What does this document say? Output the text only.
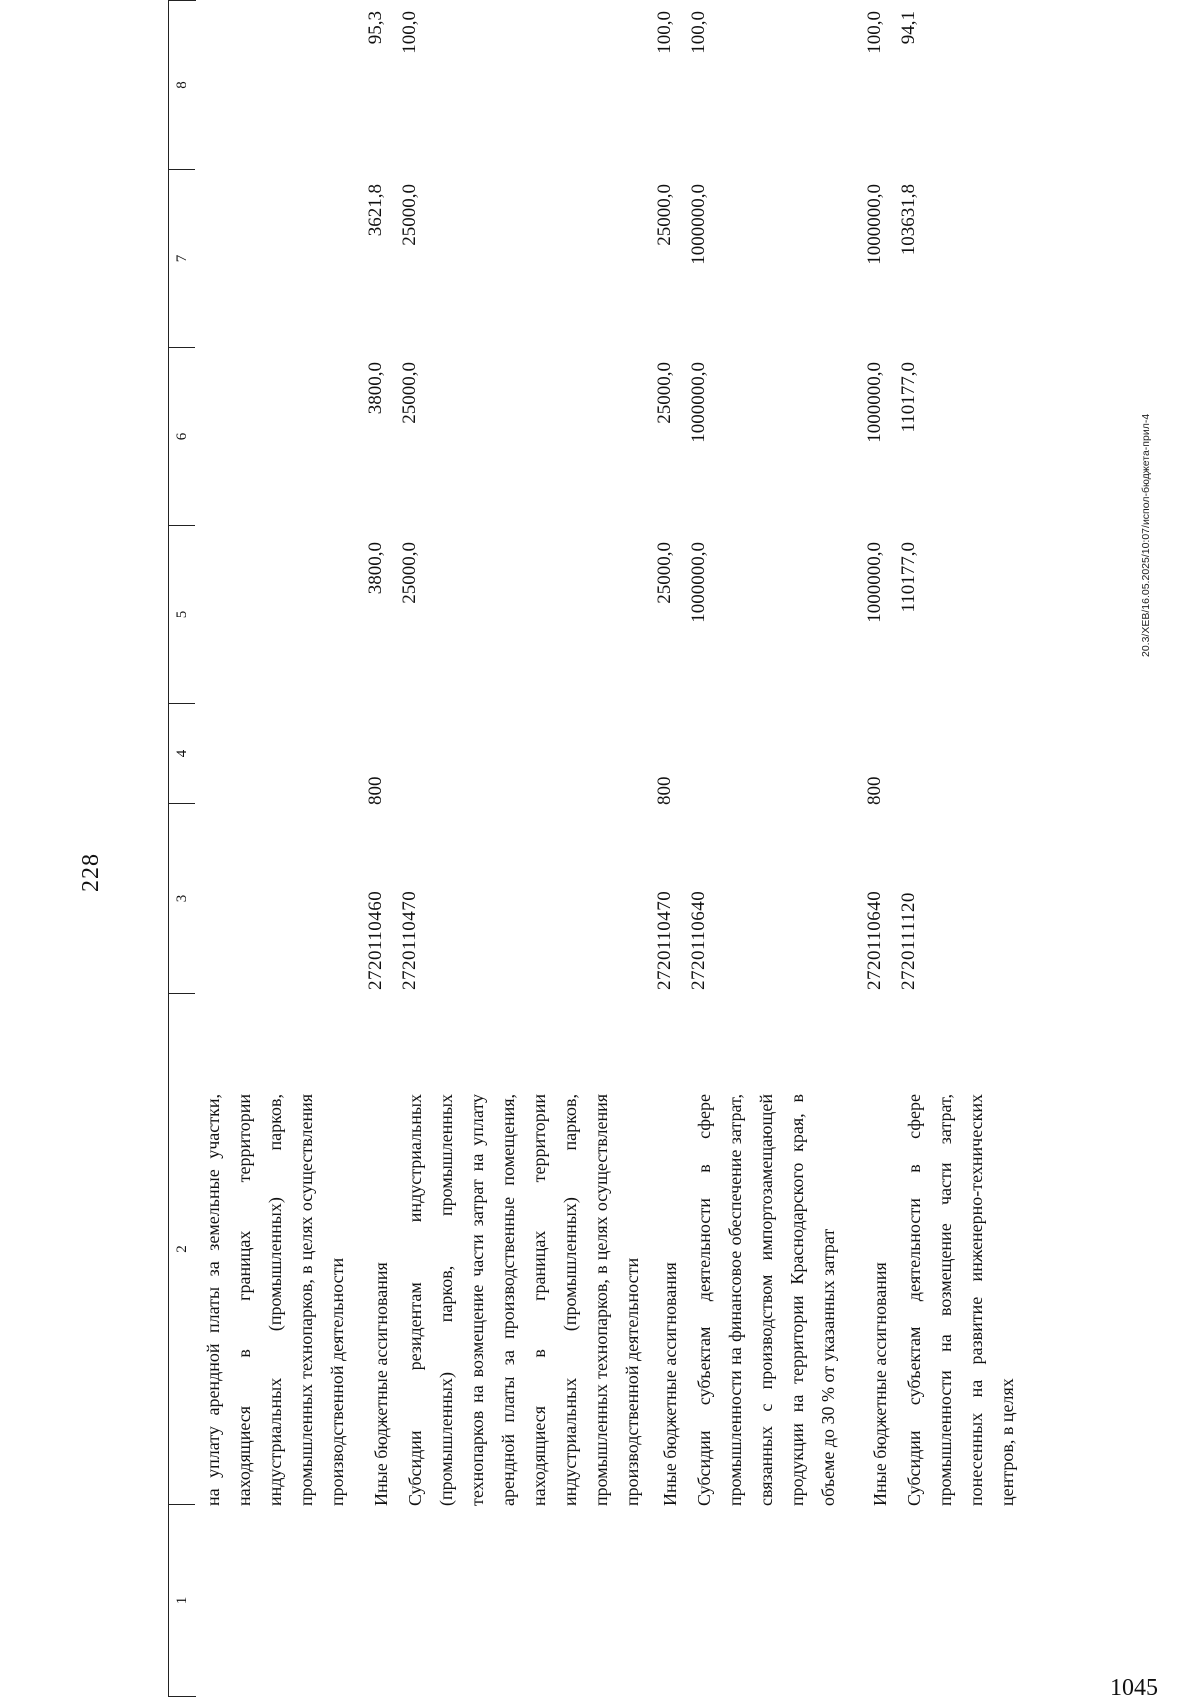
228
1
2
3
4
5
6
7
8
на уплату арендной платы за земельные участки, находящиеся в границах территории индустриальных (промышленных) парков, промышленных технопарков, в целях осуществления производственной деятельности	Иные бюджетные ассигнования
2720110460
800
3800,0
3800,0
3621,8
95,3
Субсидии резидентам индустриальных (промышленных) парков, промышленных технопарков на возмещение части затрат на уплату арендной платы за производственные помещения, находящиеся в границах территории индустриальных (промышленных) парков, промышленных технопарков, в целях осуществления производственной деятельности
2720110470
25000,0
25000,0
25000,0
100,0
Иные бюджетные ассигнования
2720110470
800
25000,0
25000,0
25000,0
100,0
Субсидии субъектам деятельности в сфере промышленности на финансовое обеспечение затрат, связанных с производством импортозамещающей продукции на территории Краснодарского края, в объеме до 30 % от указанных затрат
2720110640
1000000,0
1000000,0
1000000,0
100,0
Иные бюджетные ассигнования
2720110640
800
1000000,0
1000000,0
1000000,0
100,0
Субсидии субъектам деятельности в сфере промышленности на возмещение части затрат, понесенных на развитие инженерно-технических центров, в целях
2720111120
110177,0
110177,0
103631,8
94,1
20.3/ХЕВ/16.05.2025/10:07/испол-бюджета-прил-4
1045
